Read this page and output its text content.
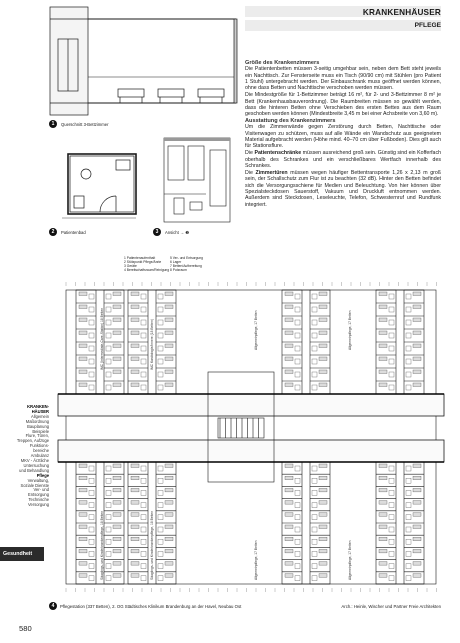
KRANKENHÄUSER
PFLEGE
1	Querschnitt 3-Bettzimmer
2	Patientenbad	3	Ansicht → ❷
Größe des Krankenzimmers

Die Patientenbetten müssen 3-seitig umgehbar sein, neben dem Bett steht jeweils ein Nachttisch. Zur Fensterseite muss ein Tisch (90/90 cm) mit Stühlen (pro Patient 1 Stuhl) untergebracht werden. Der Einbauschrank muss geöffnet werden können, ohne dass Betten und Nachttische verschoben werden müssen.

Die Mindestgröße für 1-Bettzimmer beträgt 16 m², für 2- und 3-Bettzimmer 8 m² je Bett (Krankenhausbauverordnung). Die Raumbreiten müssen so gewählt werden, dass die hinteren Betten ohne Verschieben des ersten Bettes aus dem Raum geschoben werden können (Mindestbreite 3,45 m bei einer Achsbreite von 3,60 m).

Ausstattung des Krankenzimmers

Um die Zimmerwände gegen Zerstörung durch Betten, Nachttische oder Visitenwagen zu schützen, muss auf alle Wände ein Wandschutz aus geeignetem Material aufgebracht werden (Höhe mind. 40–70 cm über Fußboden). Dies gilt auch für Stationsflure.

Die Patientenschränke müssen ausreichend groß sein. Günstig sind ein Kofferfach oberhalb des Schrankes und ein verschließbares Wertfach innerhalb des Schrankes.

Die Zimmertüren müssen wegen häufiger Bettentransporte 1,26 x 2,13 m groß sein, der Schallschutz zum Flur ist zu beachten (32 dB). Hinter den Betten befindet sich die Versorgungsschiene für Medien und Beleuchtung. Von hier können über Spezialsteckdosen Sauerstoff, Vakuum und Druckluft entnommen werden. Außerdem sind Steckdosen, Leseleuchte, Telefon, Schwesternruf und Rundfunk integriert.

1 Patientenaufenthalt
2 Stützpunkt Pflege/Ärzte
3 Geräte
4 Bereitschaftsraum/Reinigung
5 Ver- und Entsorgung
6 Lager
7 Betten/Aufbereitung
8 Putzraum
IMC (Intermediate-Care-Station) 18 Betten	IMC Kardiologie/Innere (18 Betten)	Allgemeinpflege, 17 Betten	Allgemeinpflege, 17 Betten
Säuglings- und Kinderkrankenpflege, 18 Betten	Säuglings- und Kinderkrankenpflege, 18 Betten	Allgemeinpflege, 17 Betten	Allgemeinpflege, 17 Betten
KRANKEN-
HÄUSER
Allgemein
Maßordnung
Bauplanung
Beispiele
Flure, Türen,
Treppen, Aufzüge
Funktions-
bereiche
Ambulanz
MKV - Ärztliche
Untersuchung
und Behandlung
Pflege
Verwaltung,
Soziale Dienste
Ver- und
Entsorgung
Technische
Versorgung
Gesundheit
4	Pflegestation (337 Betten), 2. OG Städtisches Klinikum Brandenburg an der Havel, Neubau Ost	Arch.: Heinle, Wischer und Partner Freie Architekten
580
